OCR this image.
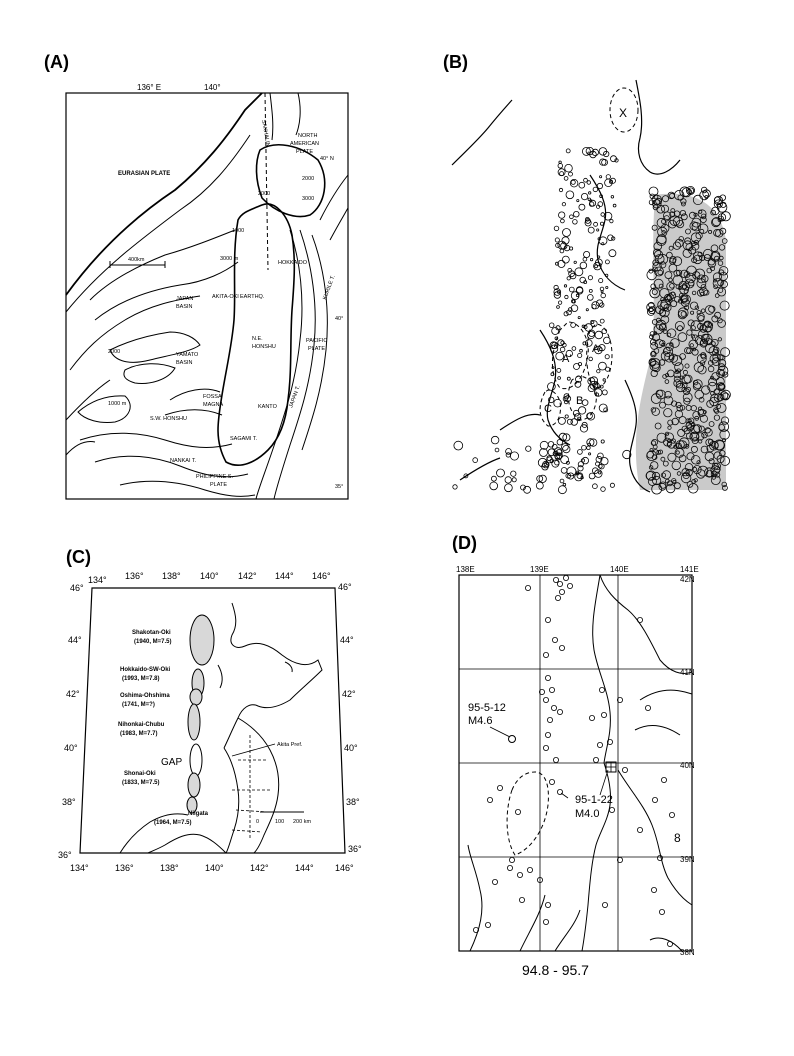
(A)	(B)
(C)
(D)
136° E	140°
40° N
40°
35°
400km
EURASIAN PLATE
NORTH
AMERICAN
PLATE
HOKKAIDO
AKITA-OKI EARTHQ.
JAPAN
BASIN
YAMATO
BASIN
N.E.
HONSHU
PACIFIC
PLATE
FOSSA
MAGNA	KANTO
S.W. HONSHU
NANKAI T.
SAGAMI T.
PHILIPPINE S.
PLATE
JAPAN T.
KURILE T.
SAKHALIN
2000
2000
3000 m
3000
2000
1000 m
1000
X
A'
A
B
C
134° 136° 138° 140° 142° 144° 146°
134°	136°	138°	140°	142°	144° 146°
46°
44°
42°
40°
38°
36°
46°
44°
42°
40°
38°
36°
Shakotan-Oki
(1940, M=7.5)
Hokkaido-SW-Oki
(1993, M=7.8)
Oshima-Ohshima
(1741, M=?)
Nihonkai-Chubu
(1983, M=7.7)
Shonai-Oki
(1833, M=7.5)
Niigata
(1964, M=7.5)
GAP
Akita Pref.
0	100 200 km
138E	139E	140E	141E
42N
41N
40N
39N
38N
95-5-12
M4.6
95-1-22
M4.0
8
94.8 - 95.7
